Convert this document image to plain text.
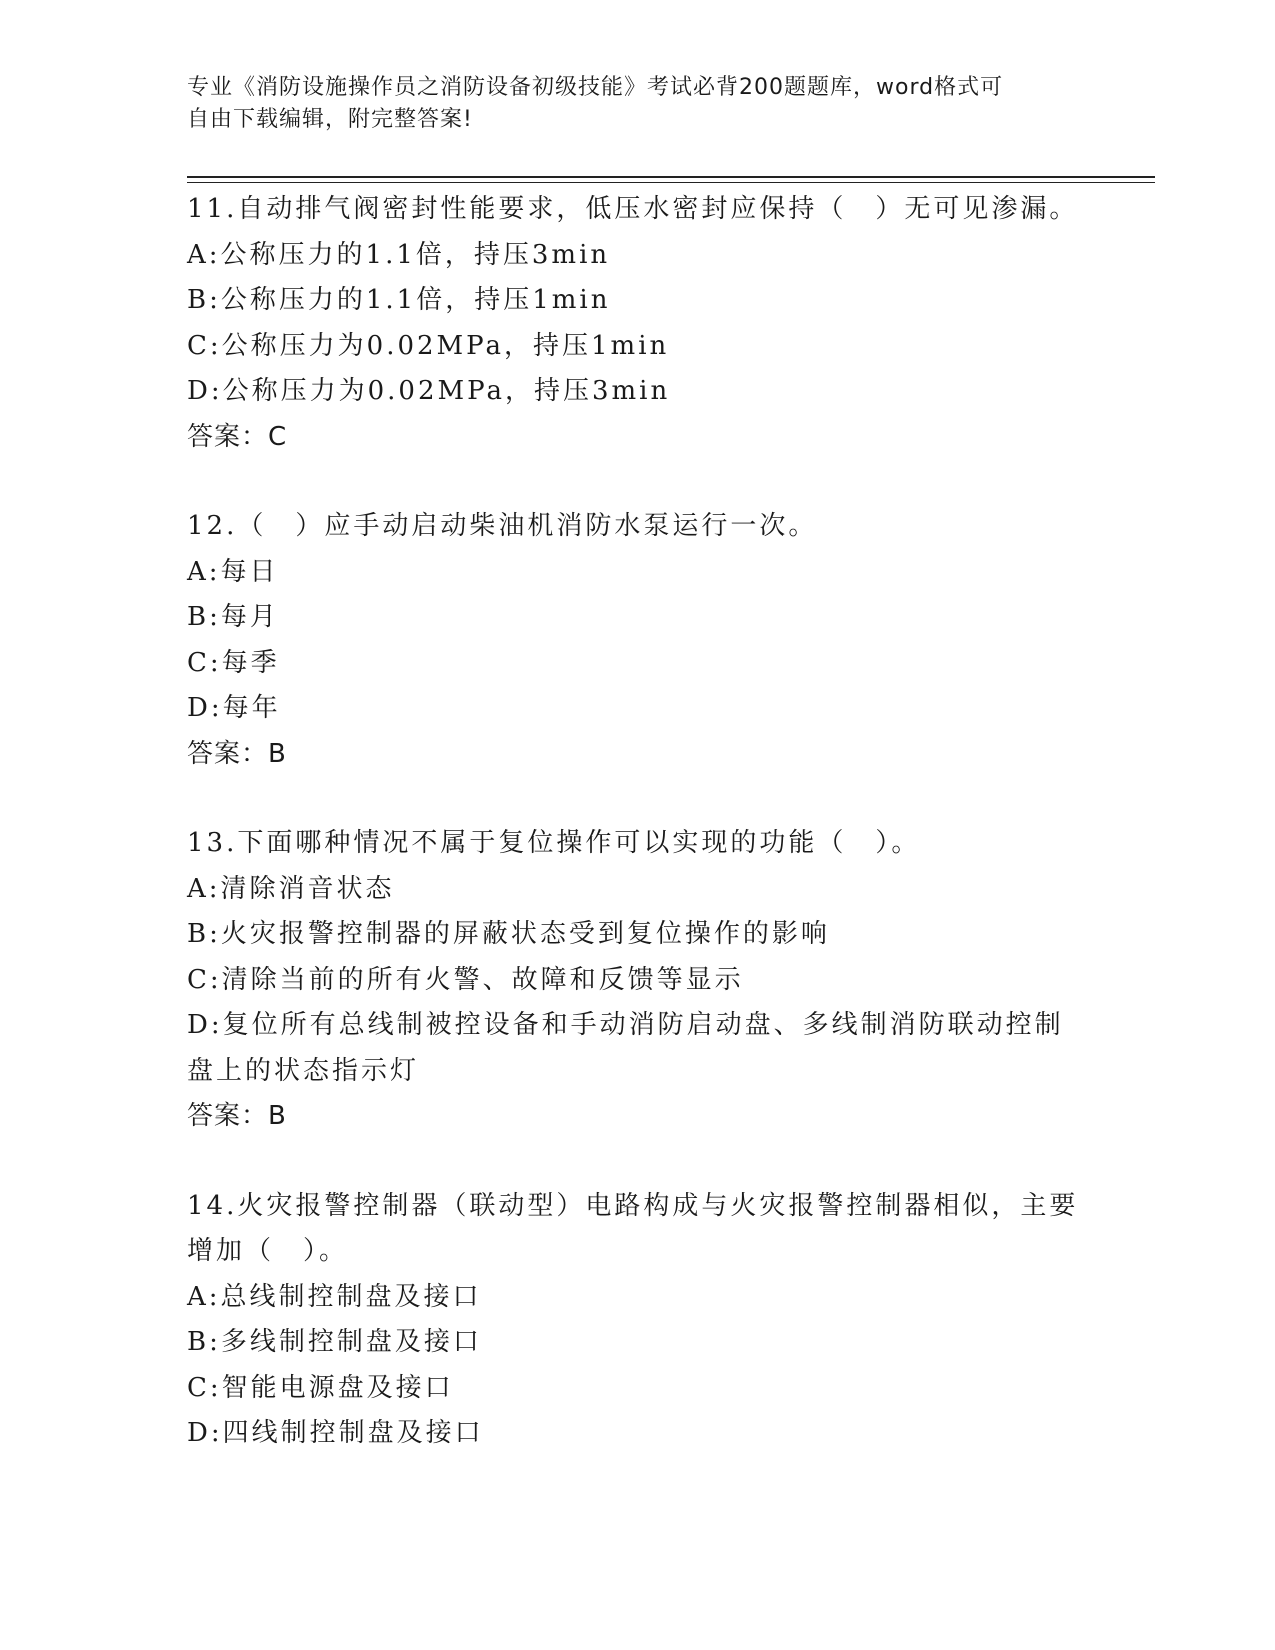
专业《消防设施操作员之消防设备初级技能》考试必背200题题库，word格式可
自由下载编辑，附完整答案!
11.自动排气阀密封性能要求，低压水密封应保持（　）无可见渗漏。
A:公称压力的1.1倍，持压3min
B:公称压力的1.1倍，持压1min
C:公称压力为0.02MPa，持压1min
D:公称压力为0.02MPa，持压3min
答案：C
12.（　）应手动启动柴油机消防水泵运行一次。
A:每日
B:每月
C:每季
D:每年
答案：B
13.下面哪种情况不属于复位操作可以实现的功能（　）。
A:清除消音状态
B:火灾报警控制器的屏蔽状态受到复位操作的影响
C:清除当前的所有火警、故障和反馈等显示
D:复位所有总线制被控设备和手动消防启动盘、多线制消防联动控制盘上的状态指示灯
答案：B
14.火灾报警控制器（联动型）电路构成与火灾报警控制器相似，主要增加（　）。
A:总线制控制盘及接口
B:多线制控制盘及接口
C:智能电源盘及接口
D:四线制控制盘及接口
